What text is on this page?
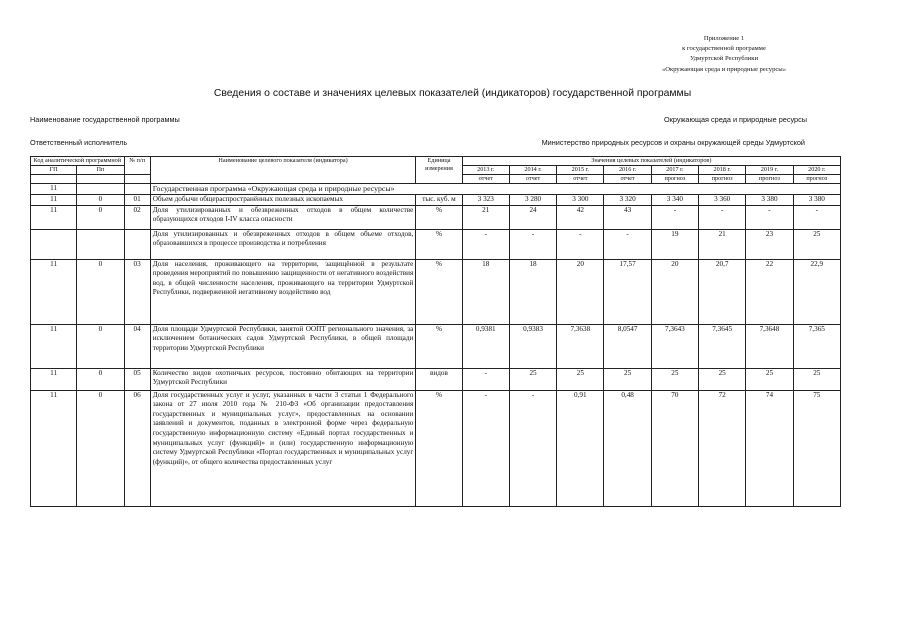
Приложение 1
к государственной программе
Удмуртской Республики
«Окружающая среда и природные ресурсы»
Сведения о составе и значениях целевых показателей (индикаторов) государственной программы
Наименование государственной программы	Окружающая среда и природные ресурсы
Ответственный исполнитель	Министерство природных ресурсов и охраны окружающей среды Удмуртской
Код аналитической программной		№ п/п	Наименование целевого показателя (индикатора)	Единица измерения	Значения целевых показателей (индикаторов)							
ГП	Пп				2013 г.	2014 г.	2015 г.	2016 г.	2017 г.	2018 г.	2019 г.	2020 г.
					отчет	отчет	отчет	отчет	прогноз	прогноз	прогноз	прогноз
11			Государственная программа «Окружающая среда и природные ресурсы»									
11	0	01	Объем добычи общераспространённых полезных ископаемых	тыс. куб. м	3 323	3 280	3 300	3 320	3 340	3 360	3 380	3 380
11	0	02	Доля утилизированных и обезвреженных отходов в общем количестве образующихся отходов I-IV класса опасности	%	21	24	42	43	-	-	-	-
			Доля утилизированных и обезвреженных отходов в общем объеме отходов, образовавшихся в процессе производства и потребления	%	-	-	-	-	19	21	23	25
11	0	03	Доля населения, проживающего на территории, защищённой в результате проведения мероприятий по повышению защищенности от негативного воздействия вод, в общей численности населения, проживающего на территории Удмуртской Республики, подверженной негативному воздействию вод	%	18	18	20	17,57	20	20,7	22	22,9
11	0	04	Доля площади Удмуртской Республики, занятой ООПТ регионального значения, за исключением ботанических садов Удмуртской Республики, в общей площади территории Удмуртской Республики	%	0,9381	0,9383	7,3638	8,0547	7,3643	7,3645	7,3648	7,365
11	0	05	Количество видов охотничьих ресурсов, постоянно обитающих на территории Удмуртской Республики	видов	-	25	25	25	25	25	25	25
11	0	06	Доля государственных услуг и услуг, указанных в части 3 статьи 1 Федерального закона от 27 июля 2010 года № 210-ФЗ «Об организации предоставления государственных и муниципальных услуг», предоставленных на основании заявлений и документов, поданных в электронной форме через федеральную государственную информационную систему «Единый портал государственных и муниципальных услуг (функций)» и (или) государственную информационную систему Удмуртской Республики «Портал государственных и муниципальных услуг (функций)», от общего количества предоставленных услуг	%	-	-	0,91	0,48	70	72	74	75
